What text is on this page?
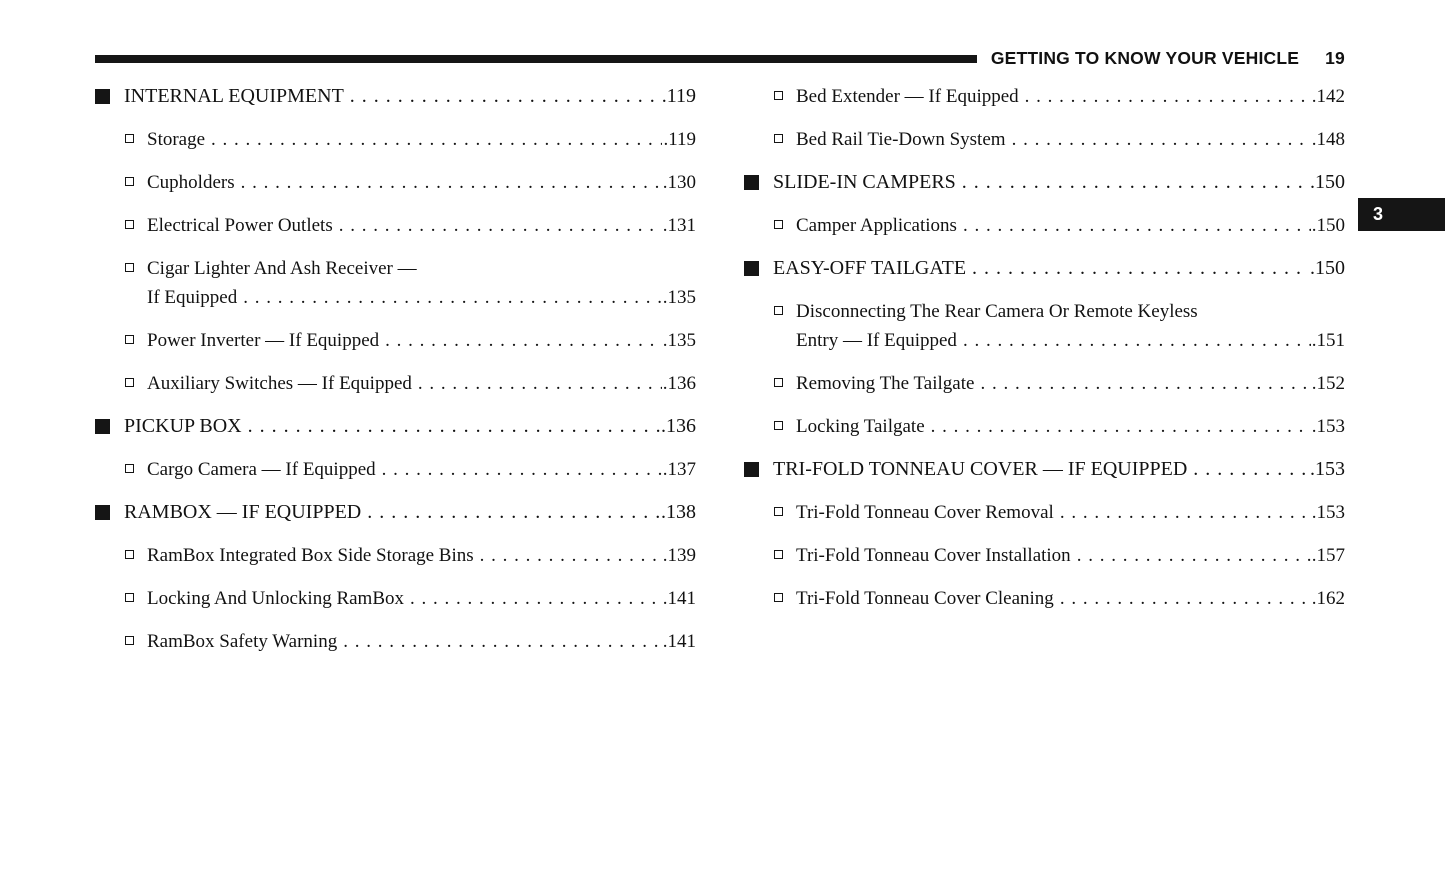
GETTING TO KNOW YOUR VEHICLE 19
3
INTERNAL EQUIPMENT . . .	.119
Storage . . .	.119
Cupholders . . .	.130
Electrical Power Outlets . . .	.131
Cigar Lighter And Ash Receiver —
If Equipped . . .	.135
Power Inverter — If Equipped . . .	.135
Auxiliary Switches — If Equipped . . .	.136
PICKUP BOX . . .	.136
Cargo Camera — If Equipped . . .	.137
RAMBOX — IF EQUIPPED . . .	.138
RamBox Integrated Box Side Storage Bins . . .	.139
Locking And Unlocking RamBox . . .	.141
RamBox Safety Warning . . .	.141
Bed Extender — If Equipped . . .	.142
Bed Rail Tie-Down System . . .	.148
SLIDE-IN CAMPERS . . .	.150
Camper Applications . . .	.150
EASY-OFF TAILGATE . . .	.150
Disconnecting The Rear Camera Or Remote Keyless
Entry — If Equipped . . .	.151
Removing The Tailgate . . .	.152
Locking Tailgate . . .	.153
TRI-FOLD TONNEAU COVER — IF EQUIPPED . . .	.153
Tri-Fold Tonneau Cover Removal . . .	.153
Tri-Fold Tonneau Cover Installation . . .	.157
Tri-Fold Tonneau Cover Cleaning . . .	.162
